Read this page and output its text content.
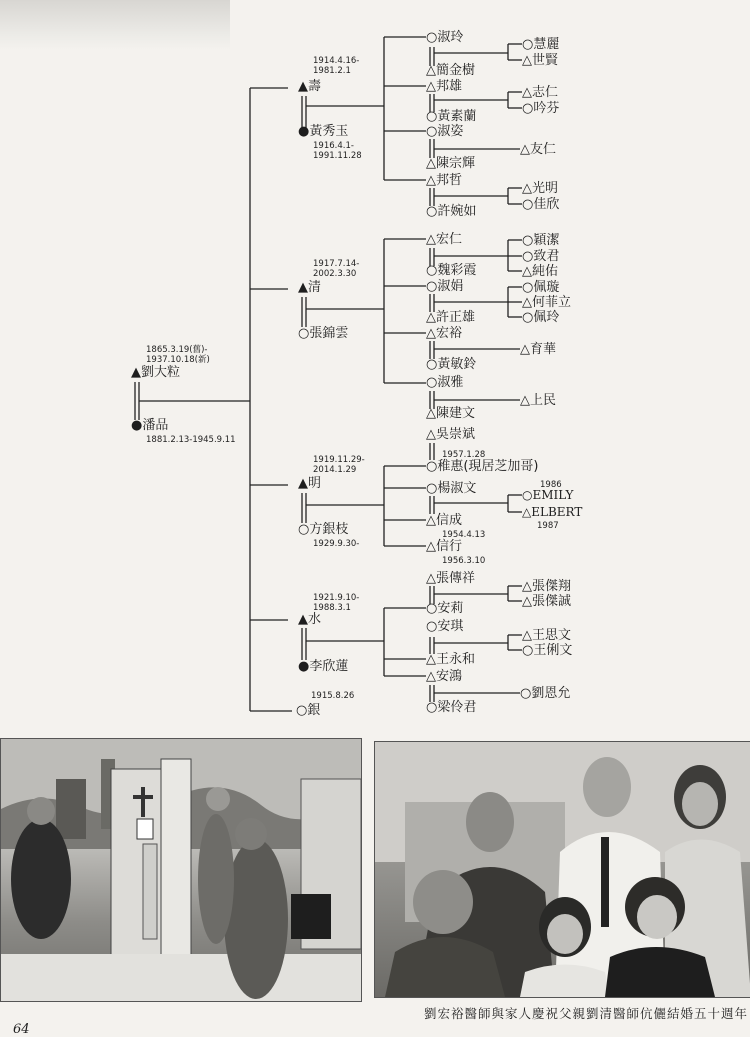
1865.3.19(舊)-
1937.10.18(新)
▲劉大粒
●潘品
1881.2.13-1945.9.11
1914.4.16-
1981.2.1
▲壽
●黃秀玉
1916.4.1-
1991.11.28
1917.7.14-
2002.3.30
▲清
○張錦雲
1919.11.29-
2014.1.29
▲明
○方銀枝
1929.9.30-
1921.9.10-
1988.3.1
▲水
●李欣蓮
1915.8.26
○銀
○淑玲
△簡金樹
△邦雄
○黃素蘭
○淑姿
△陳宗輝
△邦哲
○許婉如
△宏仁
○魏彩霞
○淑娟
△許正雄
△宏裕
○黃敏鈴
○淑雅
△陳建文
△吳崇斌
1957.1.28
○稚惠(現居芝加哥)
○楊淑文
△信成
1954.4.13
△信行
1956.3.10
△張傳祥
○安莉
○安琪
△王永和
△安鴻
○梁伶君
○慧麗
△世賢
△志仁
○吟芬
△友仁
△光明
○佳欣
○穎潔
○致君
△純佑
○佩璇
△何菲立
○佩玲
△育華
△上民
1986
○EMILY
△ELBERT
1987
△張傑翔
△張傑誠
△王思文
○王俐文
○劉恩允
劉宏裕醫師與家人慶祝父親劉清醫師伉儷結婚五十週年
64
